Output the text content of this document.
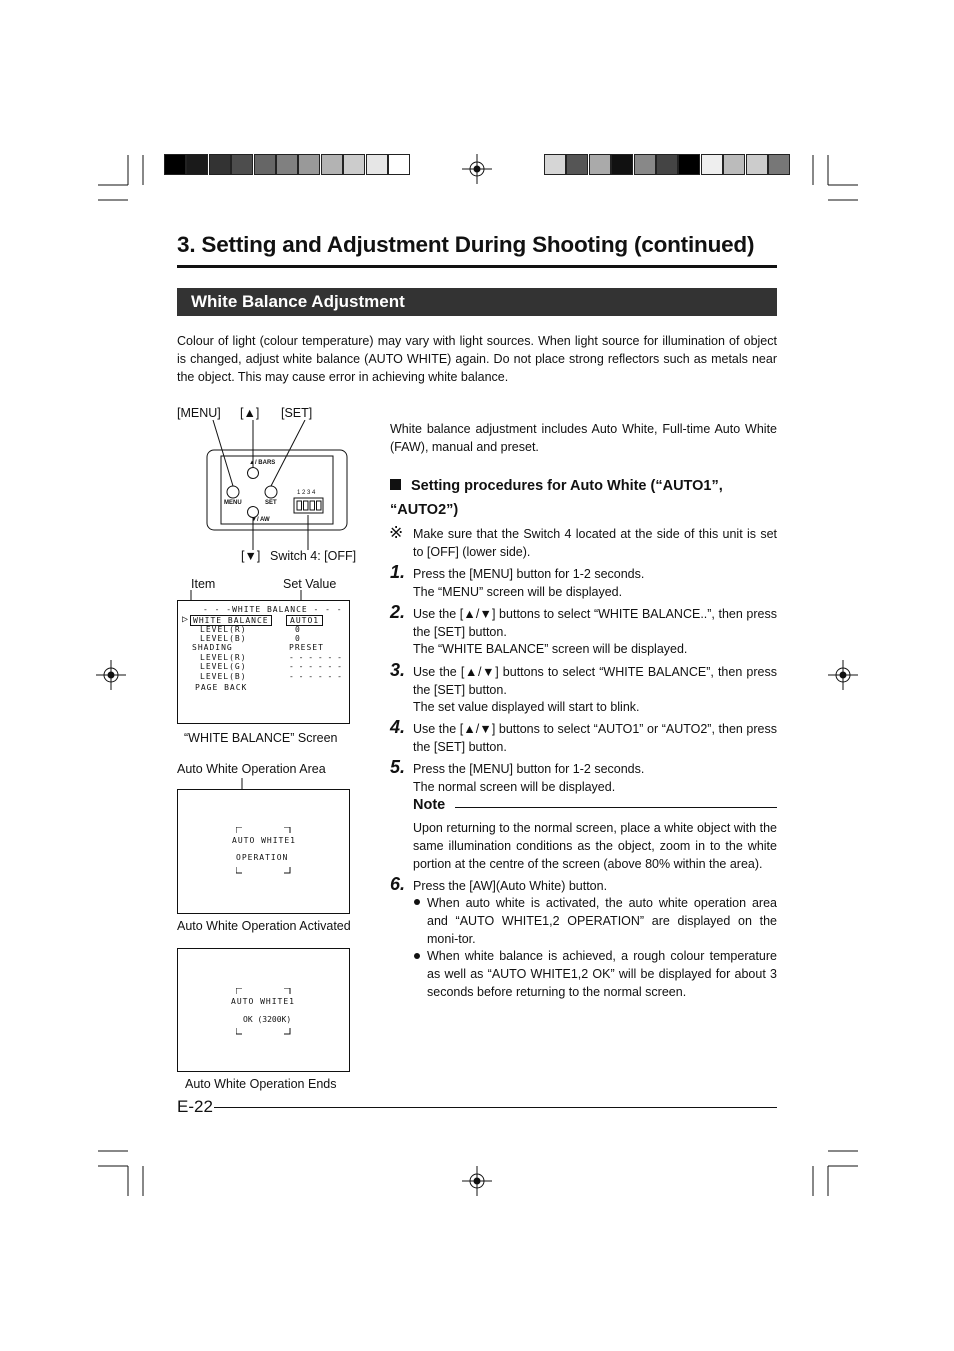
3. Setting and Adjustment During Shooting (continued)
White Balance Adjustment
Colour of light (colour temperature) may vary with light sources. When light source for illumination of object is changed, adjust white balance (AUTO WHITE) again. Do not place strong reflectors such as metals near the object. This may cause error in achieving white balance.
[MENU] [▲] [SET]
▲/ BARS
MENU	SET
▼/ AW
1 2 3 4
[▼] Switch 4: [OFF]
Item	Set Value
- - -WHITE BALANCE - - -
▷ WHITE BALANCE	AUTO1
LEVEL(R)	0
LEVEL(B)	0
SHADING	PRESET
LEVEL(R)	- - - - - -
LEVEL(G)	- - - - - -
LEVEL(B)	- - - - - -
PAGE BACK
“WHITE BALANCE” Screen
Auto White Operation Area
AUTO WHITE1
OPERATION
Auto White Operation Activated
AUTO WHITE1
OK (3200K)
Auto White Operation Ends
White balance adjustment includes Auto White, Full-time Auto White (FAW), manual and preset.
Setting procedures for Auto White (“AUTO1”, “AUTO2”)
※ Make sure that the Switch 4 located at the side of this unit is set to [OFF] (lower side).
1. Press the [MENU] button for 1-2 seconds.
The “MENU” screen will be displayed.
2. Use the [▲/▼] buttons to select “WHITE BALANCE..”, then press the [SET] button.
The “WHITE BALANCE” screen will be displayed.
3. Use the [▲/▼] buttons to select “WHITE BALANCE”, then press the [SET] button.
The set value displayed will start to blink.
4. Use the [▲/▼] buttons to select “AUTO1” or “AUTO2”, then press the [SET] button.
5. Press the [MENU] button for 1-2 seconds.
The normal screen will be displayed.
Note
Upon returning to the normal screen, place a white object with the same illumination conditions as the object, zoom in to the white portion at the centre of the screen (above 80% within the area).
6. Press the [AW](Auto White) button.
When auto white is activated, the auto white operation area and “AUTO WHITE1,2 OPERATION” are displayed on the moni-tor.
When white balance is achieved, a rough colour temperature as well as “AUTO WHITE1,2 OK” will be displayed for about 3 seconds before returning to the normal screen.
E-22
